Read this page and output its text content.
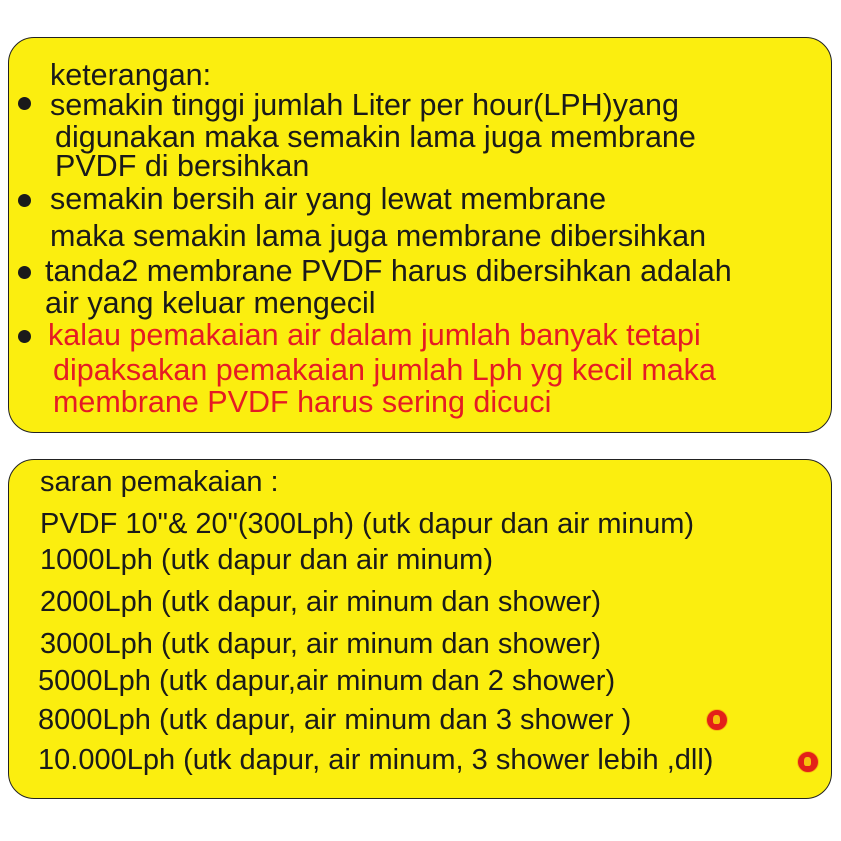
keterangan:
semakin tinggi jumlah Liter per hour(LPH)yang
digunakan maka semakin lama juga membrane
PVDF di bersihkan
semakin bersih air yang lewat membrane
maka semakin lama juga membrane dibersihkan
tanda2 membrane PVDF harus dibersihkan adalah
air yang keluar mengecil
kalau pemakaian air dalam jumlah banyak tetapi
dipaksakan pemakaian jumlah Lph yg kecil maka
membrane PVDF harus sering dicuci
saran pemakaian :
PVDF 10"& 20"(300Lph) (utk dapur dan air minum)
1000Lph (utk dapur dan air minum)
2000Lph (utk dapur, air minum dan shower)
3000Lph (utk dapur, air minum dan shower)
5000Lph (utk dapur,air minum dan 2 shower)
8000Lph (utk dapur, air minum dan 3 shower )
10.000Lph (utk dapur, air minum, 3 shower lebih ,dll)
